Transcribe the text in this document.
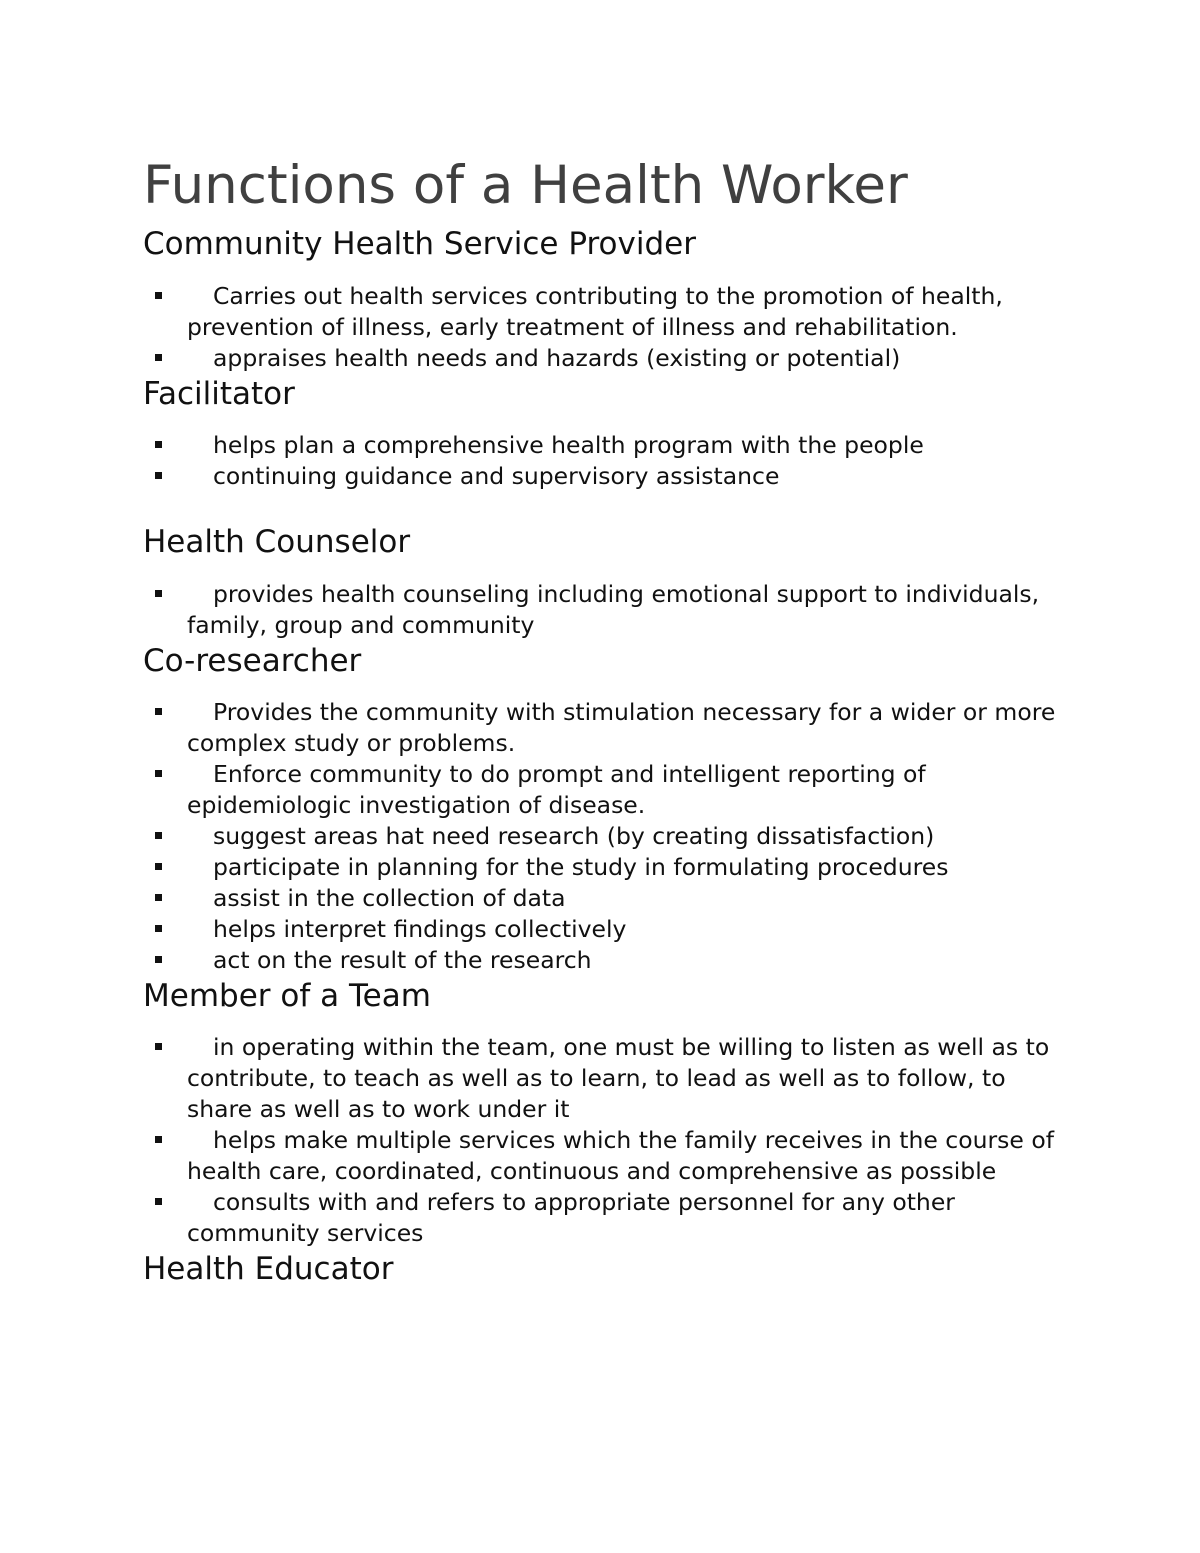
Functions of a Health Worker
Community Health Service Provider
Carries out health services contributing to the promotion of health, prevention of illness, early treatment of illness and rehabilitation.
appraises health needs and hazards (existing or potential)
Facilitator
helps plan a comprehensive health program with the people
continuing guidance and supervisory assistance
Health Counselor
provides health counseling including emotional support to individuals, family, group and community
Co-researcher
Provides the community with stimulation necessary for a wider or more complex study or problems.
Enforce community to do prompt and intelligent reporting of epidemiologic investigation of disease.
suggest areas hat need research (by creating dissatisfaction)
participate in planning for the study in formulating procedures
assist in the collection of data
helps interpret findings collectively
act on the result of the research
Member of a Team
in operating within the team, one must be willing to listen as well as to contribute, to teach as well as to learn, to lead as well as to follow, to share as well as to work under it
helps make multiple services which the family receives in the course of health care, coordinated, continuous and comprehensive as possible
consults with and refers to appropriate personnel for any other community services
Health Educator
